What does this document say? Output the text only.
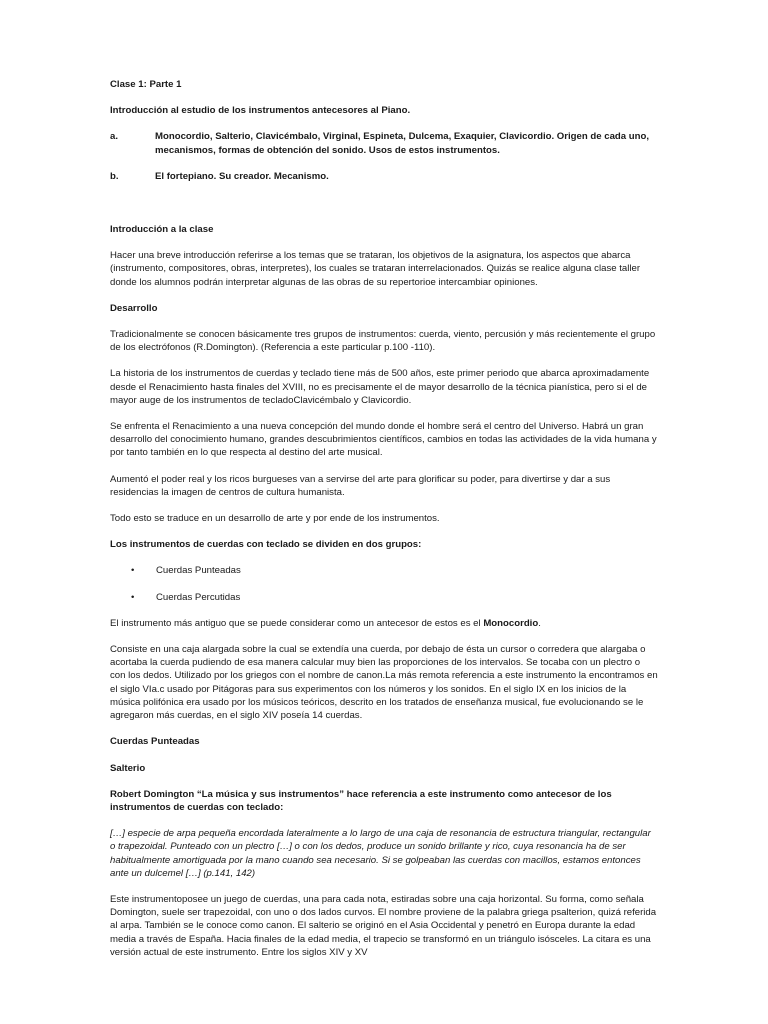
Clase 1: Parte 1

Introducción al estudio de los instrumentos antecesores al Piano.

a.	Monocordio, Salterio, Clavicémbalo, Virginal, Espineta, Dulcema, Exaquier, Clavicordio. Origen de cada uno, mecanismos, formas de obtención del sonido. Usos de estos instrumentos.
b.	El fortepiano. Su creador. Mecanismo.

Introducción a la clase

Hacer una breve introducción referirse a los temas que se trataran, los objetivos de la asignatura, los aspectos que abarca (instrumento, compositores, obras, interpretes), los cuales se trataran interrelacionados. Quizás se realice alguna clase taller donde los alumnos podrán interpretar algunas de las obras de su repertorioe intercambiar opiniones.

Desarrollo

Tradicionalmente se conocen básicamente tres grupos de instrumentos: cuerda, viento, percusión y más recientemente el grupo de los electrófonos (R.Domington). (Referencia a este particular p.100 -110).

La historia de los instrumentos de cuerdas y teclado tiene más de 500 años, este primer periodo que abarca aproximadamente desde el Renacimiento hasta finales del XVIII, no es precisamente el de mayor desarrollo de la técnica pianística, pero si el de mayor auge de los instrumentos de tecladoClavicémbalo y Clavicordio.

Se enfrenta el Renacimiento a una nueva concepción del mundo donde el hombre será el centro del Universo. Habrá un gran desarrollo del conocimiento humano, grandes descubrimientos científicos, cambios en todas las actividades de la vida humana y por tanto también en lo que respecta al destino del arte musical.

Aumentó el poder real y los ricos burgueses van a servirse del arte para glorificar su poder, para divertirse y dar a sus residencias la imagen de centros de cultura humanista.

Todo esto se traduce en un desarrollo de arte y por ende de los instrumentos.

Los instrumentos de cuerdas con teclado se dividen en dos grupos:

•	Cuerdas Punteadas
•	Cuerdas Percutidas

El instrumento más antiguo que se puede considerar como un antecesor de estos es el Monocordio.

Consiste en una caja alargada sobre la cual se extendía una cuerda, por debajo de ésta un cursor o corredera que alargaba o acortaba la cuerda pudiendo de esa manera calcular muy bien las proporciones de los intervalos. Se tocaba con un plectro o con los dedos. Utilizado por los griegos con el nombre de canon.La más remota referencia a este instrumento la encontramos en el siglo VIa.c usado por Pitágoras para sus experimentos con los números y los sonidos. En el siglo IX en los inicios de la música polifónica era usado por los músicos teóricos, descrito en los tratados de enseñanza musical, fue evolucionando se le agregaron más cuerdas, en el siglo XIV poseía 14 cuerdas.

Cuerdas Punteadas

Salterio

Robert Domington “La música y sus instrumentos” hace referencia a este instrumento como antecesor de los instrumentos de cuerdas con teclado:

[…] especie de arpa pequeña encordada lateralmente a lo largo de una caja de resonancia de estructura triangular, rectangular o trapezoidal. Punteado con un plectro […] o con los dedos, produce un sonido brillante y rico, cuya resonancia ha de ser habitualmente amortiguada por la mano cuando sea necesario. Si se golpeaban las cuerdas con macillos, estamos entonces ante un dulcemel […] (p.141, 142)

Este instrumentoposee un juego de cuerdas, una para cada nota, estiradas sobre una caja horizontal. Su forma, como señala Domington, suele ser trapezoidal, con uno o dos lados curvos. El nombre proviene de la palabra griega psalterion, quizá referida al arpa. También se le conoce como canon. El salterio se originó en el Asia Occidental y penetró en Europa durante la edad media a través de España. Hacia finales de la edad media, el trapecio se transformó en un triángulo isósceles. La citara es una versión actual de este instrumento. Entre los siglos XIV y XV
